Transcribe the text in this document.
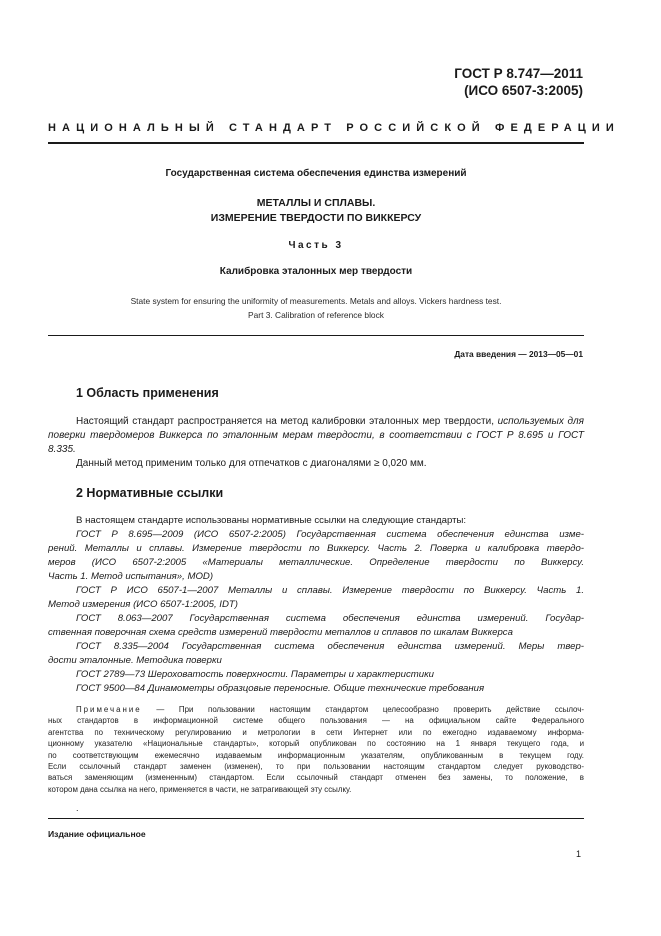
ГОСТ Р 8.747—2011
(ИСО 6507-3:2005)
НАЦИОНАЛЬНЫЙ СТАНДАРТ РОССИЙСКОЙ ФЕДЕРАЦИИ
Государственная система обеспечения единства измерений
МЕТАЛЛЫ И СПЛАВЫ.
ИЗМЕРЕНИЕ ТВЕРДОСТИ ПО ВИККЕРСУ
Часть 3
Калибровка эталонных мер твердости
State system for ensuring the uniformity of measurements. Metals and alloys. Vickers hardness test.
Part 3. Calibration of reference block
Дата введения — 2013—05—01
1 Область применения
Настоящий стандарт распространяется на метод калибровки эталонных мер твердости, используемых для поверки твердомеров Виккерса по эталонным мерам твердости, в соответствии с ГОСТ Р 8.695 и ГОСТ 8.335.
Данный метод применим только для отпечатков с диагоналями ≥ 0,020 мм.
2 Нормативные ссылки
В настоящем стандарте использованы нормативные ссылки на следующие стандарты:
ГОСТ Р 8.695—2009 (ИСО 6507-2:2005) Государственная система обеспечения единства изме-
рений. Металлы и сплавы. Измерение твердости по Виккерсу. Часть 2. Поверка и калибровка твердо-
меров (ИСО 6507-2:2005 «Материалы металлические. Определение твердости по Виккерсу.
Часть 1. Метод испытания», MOD)
ГОСТ Р ИСО 6507-1—2007 Металлы и сплавы. Измерение твердости по Виккерсу. Часть 1.
Метод измерения (ИСО 6507-1:2005, IDT)
ГОСТ 8.063—2007 Государственная система обеспечения единства измерений. Государ-
ственная поверочная схема средств измерений твердости металлов и сплавов по шкалам Виккерса
ГОСТ 8.335—2004 Государственная система обеспечения единства измерений. Меры твер-
дости эталонные. Методика поверки
ГОСТ 2789—73 Шероховатость поверхности. Параметры и характеристики
ГОСТ 9500—84 Динамометры образцовые переносные. Общие технические требования
Примечание — При пользовании настоящим стандартом целесообразно проверить действие ссылоч-
ных стандартов в информационной системе общего пользования — на официальном сайте Федерального
агентства по техническому регулированию и метрологии в сети Интернет или по ежегодно издаваемому информа-
ционному указателю «Национальные стандарты», который опубликован по состоянию на 1 января текущего года, и
по соответствующим ежемесячно издаваемым информационным указателям, опубликованным в текущем году.
Если ссылочный стандарт заменен (изменен), то при пользовании настоящим стандартом следует руководство-
ваться заменяющим (измененным) стандартом. Если ссылочный стандарт отменен без замены, то положение, в
котором дана ссылка на него, применяется в части, не затрагивающей эту ссылку.
.
Издание официальное
1
